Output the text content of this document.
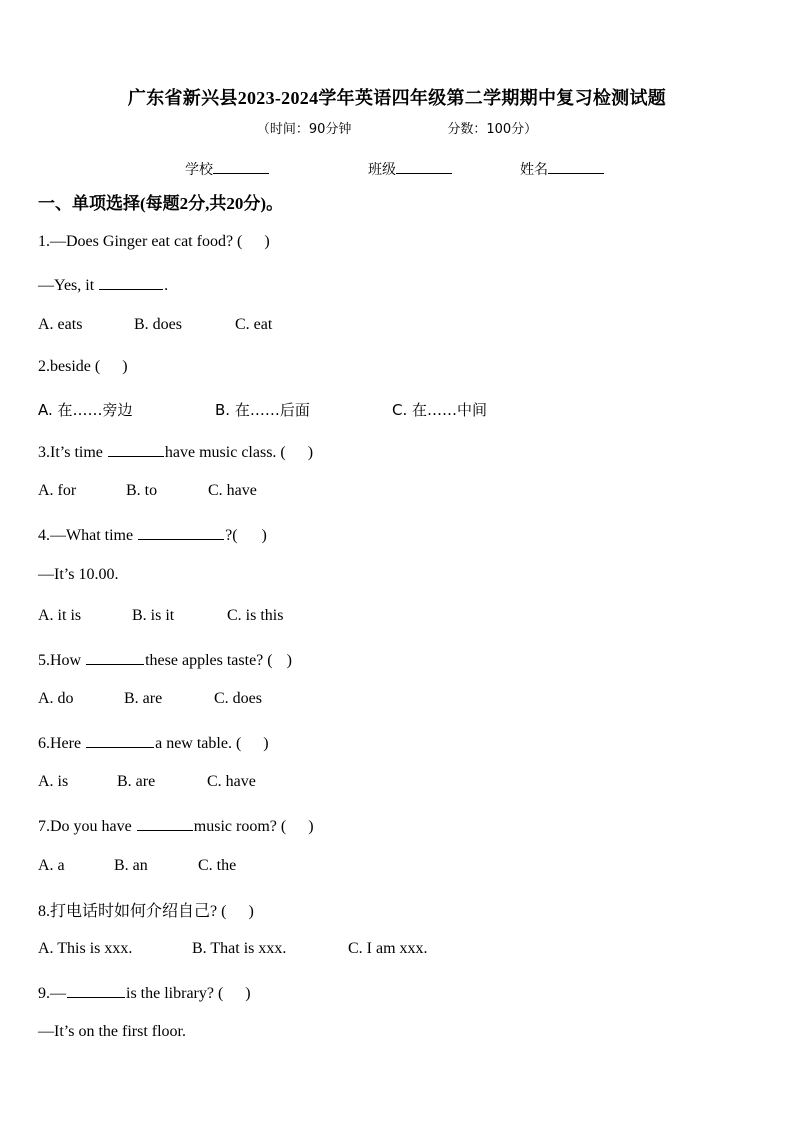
广东省新兴县2023-2024学年英语四年级第二学期期中复习检测试题
（时间：90分钟	分数：100分）
学校	班级	姓名
一、单项选择(每题2分,共20分)。
1.—Does Ginger eat cat food? ( )
—Yes, it	.
A. eats	B. does	C. eat
2.beside ( )
A. 在……旁边	B. 在……后面	C. 在……中间
3.It’s time	have music class. ( )
A. for	B. to	C. have
4.—What time	?( )
—It’s 10.00.
A. it is	B. is it	C. is this
5.How	these apples taste? ( )
A. do	B. are	C. does
6.Here	a new table. ( )
A. is	B. are	C. have
7.Do you have	music room? ( )
A. a	B. an	C. the
8.打电话时如何介绍自己? ( )
A. This is xxx.	B. That is xxx.	C. I am xxx.
9.—	is the library? ( )
—It’s on the first floor.
